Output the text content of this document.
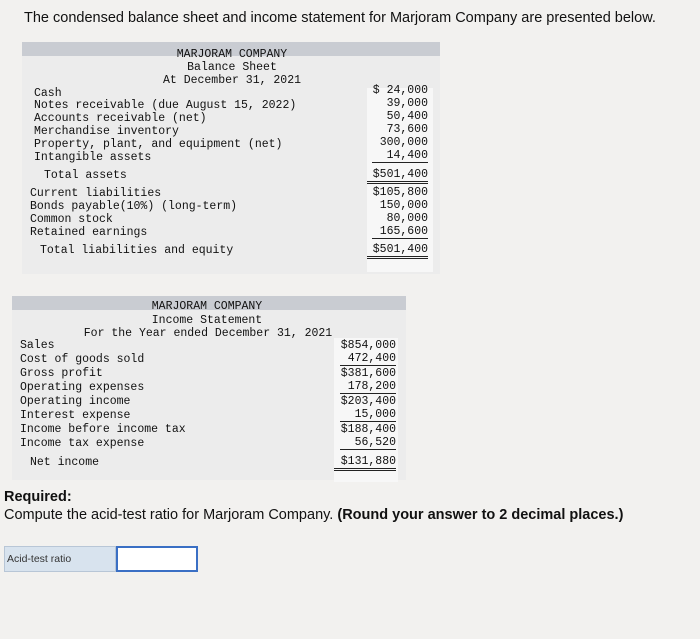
The condensed balance sheet and income statement for Marjoram Company are presented below.
MARJORAM COMPANY
Balance Sheet
At December 31, 2021
Cash	$ 24,000
Notes receivable (due August 15, 2022)	39,000
Accounts receivable (net)	50,400
Merchandise inventory	73,600
Property, plant, and equipment (net)	300,000
Intangible assets	14,400
Total assets	$501,400
Current liabilities	$105,800
Bonds payable(10%) (long-term)	150,000
Common stock	80,000
Retained earnings	165,600
Total liabilities and equity	$501,400
MARJORAM COMPANY
Income Statement
For the Year ended December 31, 2021
Sales	$854,000
Cost of goods sold	472,400
Gross profit	$381,600
Operating expenses	178,200
Operating income	$203,400
Interest expense	15,000
Income before income tax	$188,400
Income tax expense	56,520
Net income	$131,880
Required:
Compute the acid-test ratio for Marjoram Company. (Round your answer to 2 decimal places.)
Acid-test ratio
